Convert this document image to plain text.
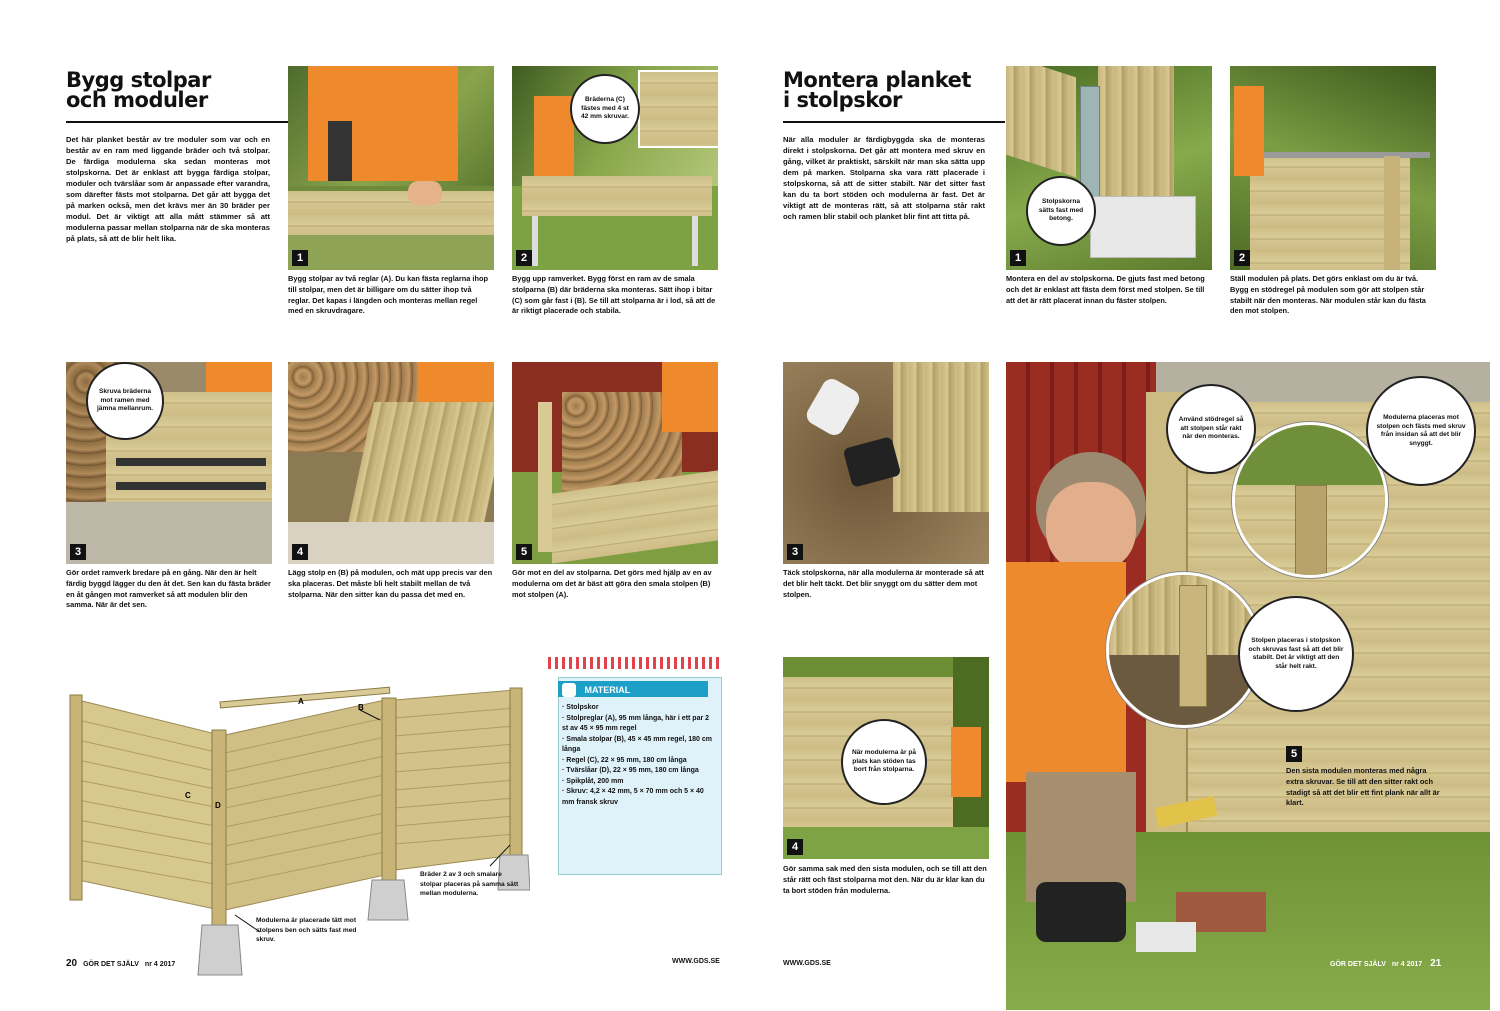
Bygg stolpar
och moduler
Det här planket består av tre moduler som var och en består av en ram med liggande bräder och två stolpar. De färdiga modulerna ska sedan monteras mot stolpskorna. Det är enklast att bygga färdiga stolpar, moduler och tvärslåar som är anpassade efter varandra, som därefter fästs mot stolparna. Det går att bygga det på marken också, men det krävs mer än 30 bräder per modul. Det är viktigt att alla mått stämmer så att modulerna passar mellan stolparna när de ska monteras på plats, så att de blir helt lika.
1
Bygg stolpar av två reglar (A). Du kan fästa reglarna ihop till stolpar, men det är billigare om du sätter ihop två reglar. Det kapas i längden och monteras mellan regel med en skruvdragare.
Bräderna (C) fästes med 4 st 42 mm skruvar.
2
Bygg upp ramverket. Bygg först en ram av de smala stolparna (B) där bräderna ska monteras. Sätt ihop i bitar (C) som går fast i (B). Se till att stolparna är i lod, så att de är riktigt placerade och stabila.
Skruva bräderna mot ramen med jämna mellanrum.
3
Gör ordet ramverk bredare på en gång. När den är helt färdig byggd lägger du den åt det. Sen kan du fästa bräder en åt gången mot ramverket så att modulen blir den samma. När är det sen.
4
Lägg stolp en (B) på modulen, och mät upp precis var den ska placeras. Det måste bli helt stabilt mellan de två stolparna. När den sitter kan du passa det med en.
5
Gör mot en del av stolparna. Det görs med hjälp av en av modulerna om det är bäst att göra den smala stolpen (B) mot stolpen (A).
A
B
C
D
Modulerna är placerade tätt mot stolpens ben och sätts fast med skruv.
Bräder 2 av 3 och smalare stolpar placeras på samma sätt mellan modulerna.
MATERIAL
· Stolpskor
· Stolpreglar (A), 95 mm långa, här i ett par 2 st av 45 × 95 mm regel
· Smala stolpar (B), 45 × 45 mm regel, 180 cm långa
· Regel (C), 22 × 95 mm, 180 cm långa
· Tvärslåar (D), 22 × 95 mm, 180 cm långa
· Spikplåt, 200 mm
· Skruv: 4,2 × 42 mm, 5 × 70 mm och 5 × 40 mm fransk skruv
20 GÖR DET SJÄLV nr 4 2017	WWW.GDS.SE
Montera planket
i stolpskor
När alla moduler är färdigbyggda ska de monteras direkt i stolpskorna. Det går att montera med skruv en gång, vilket är praktiskt, särskilt när man ska sätta upp dem på marken. Stolparna ska vara rätt placerade i stolpskorna, så att de sitter stabilt. När det sitter fast kan du ta bort stöden och modulerna är fast. Det är viktigt att de monteras rätt, så att stolparna står rakt och ramen blir stabil och planket blir fint att titta på.
Stolpskorna sätts fast med betong.
1
Montera en del av stolpskorna. De gjuts fast med betong och det är enklast att fästa dem först med stolpen. Se till att det är rätt placerat innan du fäster stolpen.
2
Ställ modulen på plats. Det görs enklast om du är två. Bygg en stödregel på modulen som gör att stolpen står stabilt när den monteras. När modulen står kan du fästa den mot stolpen.
3
Täck stolpskorna, när alla modulerna är monterade så att det blir helt täckt. Det blir snyggt om du sätter dem mot stolpen.
När modulerna är på plats kan stöden tas bort från stolparna.
4
Gör samma sak med den sista modulen, och se till att den står rätt och fäst stolparna mot den. När du är klar kan du ta bort stöden från modulerna.
Använd stödregel så att stolpen står rakt när den monteras.
Modulerna placeras mot stolpen och fästs med skruv från insidan så att det blir snyggt.
Stolpen placeras i stolpskon och skruvas fast så att det blir stabilt. Det är viktigt att den står helt rakt.
5
Den sista modulen monteras med några extra skruvar. Se till att den sitter rakt och stadigt så att det blir ett fint plank när allt är klart.
WWW.GDS.SE	GÖR DET SJÄLV nr 4 2017 21
